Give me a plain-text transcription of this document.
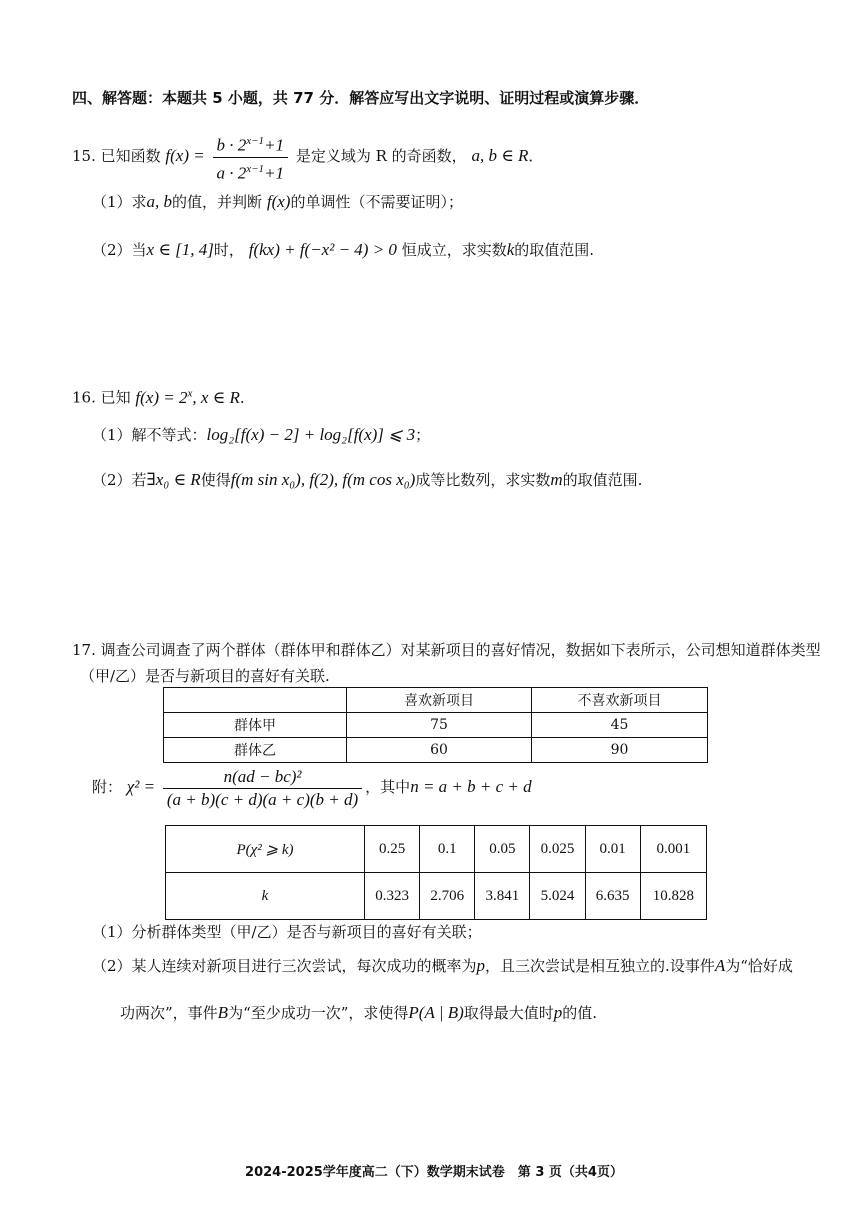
四、解答题：本题共 5 小题，共 77 分．解答应写出文字说明、证明过程或演算步骤．
15. 已知函数 $f(x) = \frac{b \cdot 2^{x-1}+1}{a \cdot 2^{x-1}+1}$ 是定义域为 R 的奇函数， a, b ∈ R．
（1）求a, b的值，并判断 f(x)的单调性（不需要证明）；
（2）当x ∈ [1, 4]时， f(kx) + f(−x² − 4) > 0 恒成立，求实数k的取值范围.
16. 已知 $f(x) = 2^x$, x ∈ R．
（1）解不等式：log₂[f(x) − 2] + log₂[f(x)] ⩽ 3；
（2）若∃x₀ ∈ R使得f(m sin x₀), f(2), f(m cos x₀)成等比数列，求实数m的取值范围.
17. 调查公司调查了两个群体（群体甲和群体乙）对某新项目的喜好情况，数据如下表所示，公司想知道群体类型
（甲/乙）是否与新项目的喜好有关联.
	喜欢新项目	不喜欢新项目
群体甲	75	45
群体乙	60	90
附： $\chi^2 = \frac{\text{n(ad − bc)²}}{(a + b)(c + d)(a + c)(b + d)}$ ，其中n = a + b + c + d
P(χ² ⩾ k)	0.25	0.1	0.05	0.025	0.01	0.001
k	0.323	2.706	3.841	5.024	6.635	10.828
（1）分析群体类型（甲/乙）是否与新项目的喜好有关联；
（2）某人连续对新项目进行三次尝试，每次成功的概率为p，且三次尝试是相互独立的.设事件A为“恰好成
功两次”，事件B为“至少成功一次”，求使得P(A | B)取得最大值时p的值.
2024-2025学年度高二（下）数学期末试卷　第 3 页（共4页）
